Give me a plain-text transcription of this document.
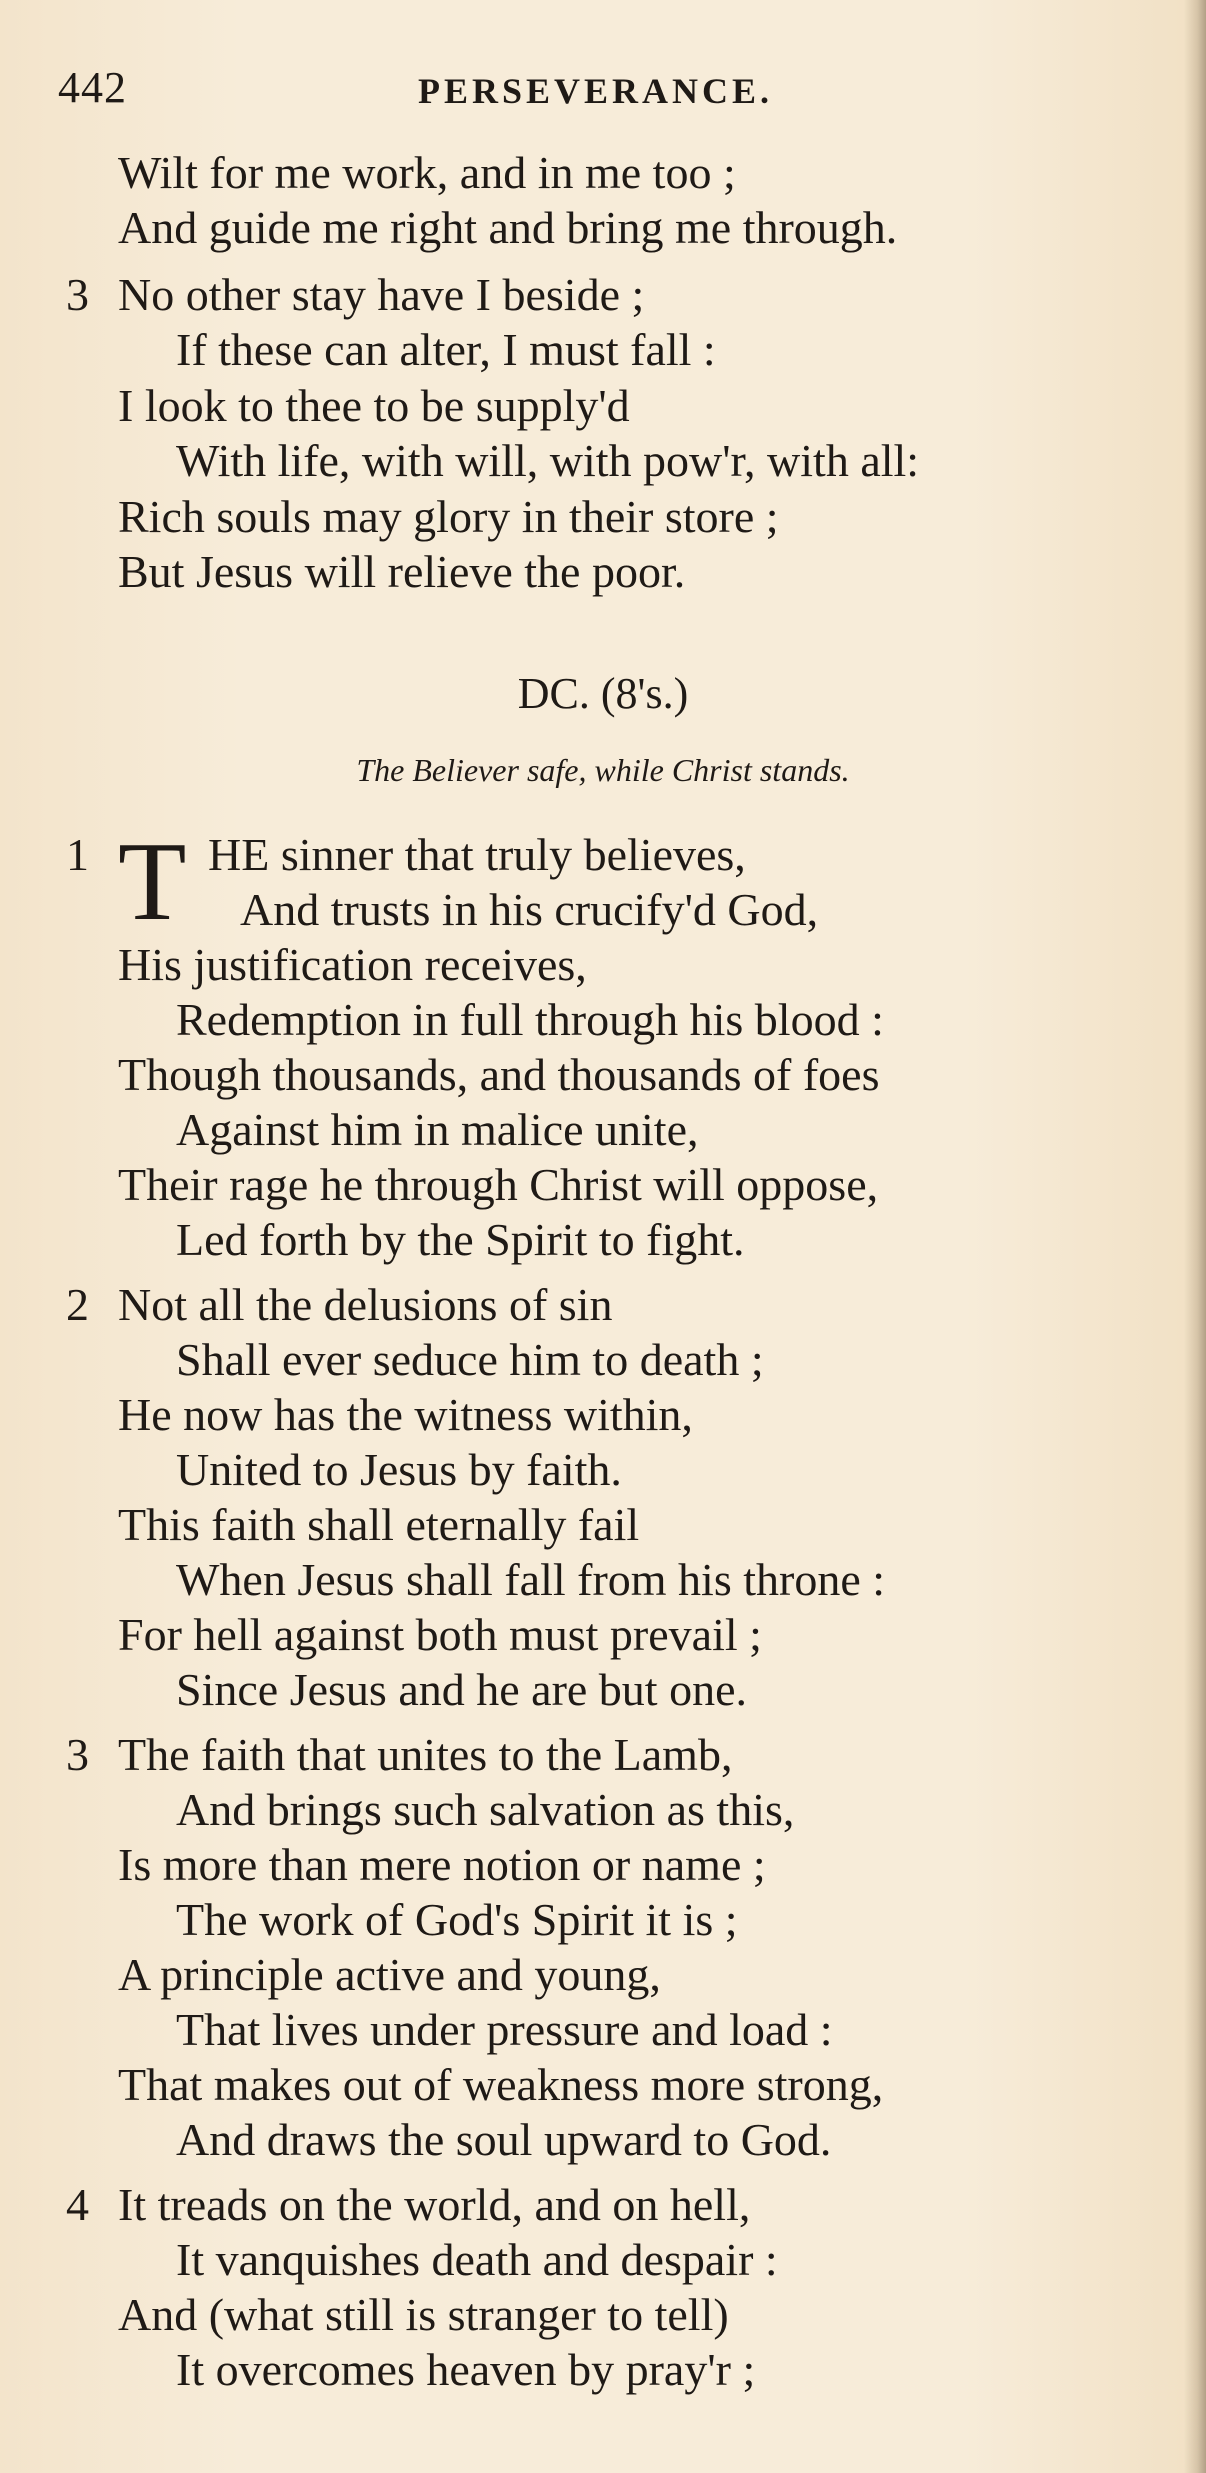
442	PERSEVERANCE.
Wilt for me work, and in me too ;
And guide me right and bring me through.
3 No other stay have I beside ;
If these can alter, I must fall :
I look to thee to be supply'd
With life, with will, with pow'r, with all:
Rich souls may glory in their store ;
But Jesus will relieve the poor.
DC. (8's.)
The Believer safe, while Christ stands.
1 T HE sinner that truly believes,
And trusts in his crucify'd God,
His justification receives,
Redemption in full through his blood :
Though thousands, and thousands of foes
Against him in malice unite,
Their rage he through Christ will oppose,
Led forth by the Spirit to fight.
2 Not all the delusions of sin
Shall ever seduce him to death ;
He now has the witness within,
United to Jesus by faith.
This faith shall eternally fail
When Jesus shall fall from his throne :
For hell against both must prevail ;
Since Jesus and he are but one.
3 The faith that unites to the Lamb,
And brings such salvation as this,
Is more than mere notion or name ;
The work of God's Spirit it is ;
A principle active and young,
That lives under pressure and load :
That makes out of weakness more strong,
And draws the soul upward to God.
4 It treads on the world, and on hell,
It vanquishes death and despair :
And (what still is stranger to tell)
It overcomes heaven by pray'r ;
